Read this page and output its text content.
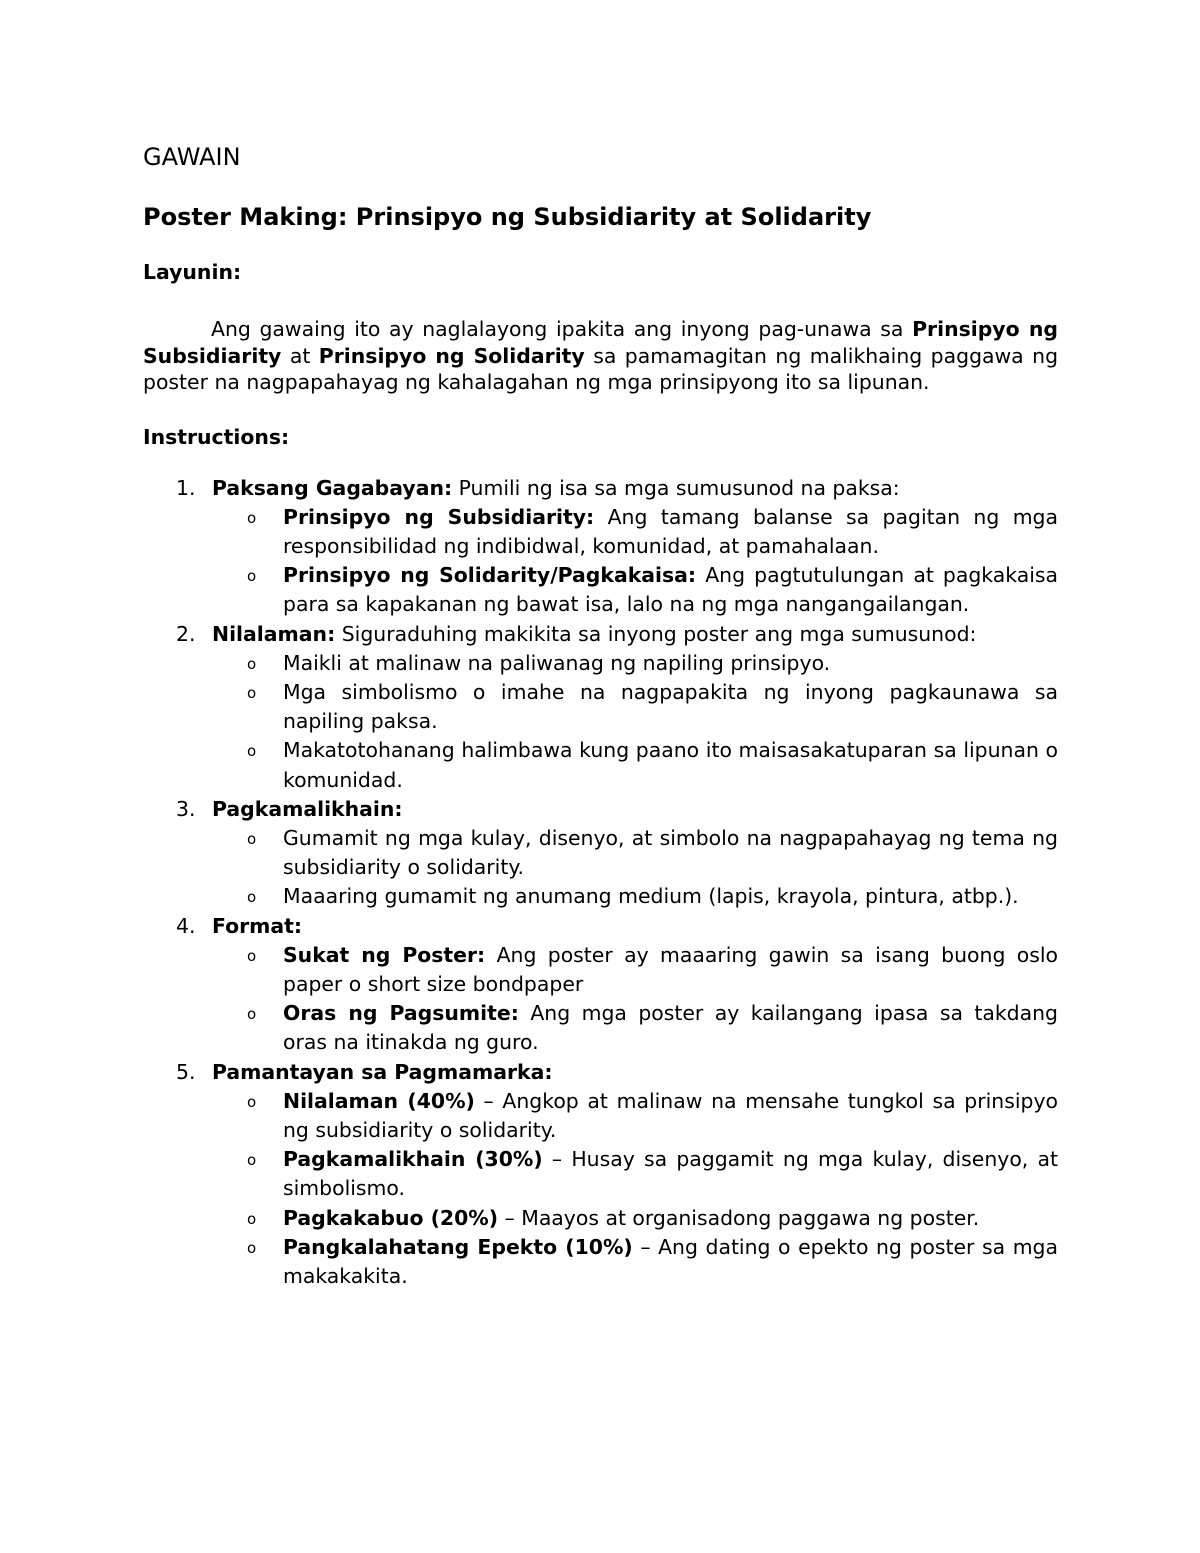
GAWAIN
Poster Making: Prinsipyo ng Subsidiarity at Solidarity
Layunin:

Ang gawaing ito ay naglalayong ipakita ang inyong pag-unawa sa Prinsipyo ng Subsidiarity at Prinsipyo ng Solidarity sa pamamagitan ng malikhaing paggawa ng poster na nagpapahayag ng kahalagahan ng mga prinsipyong ito sa lipunan.

Instructions:
1. Paksang Gagabayan: Pumili ng isa sa mga sumusunod na paksa:
o Prinsipyo ng Subsidiarity: Ang tamang balanse sa pagitan ng mga responsibilidad ng indibidwal, komunidad, at pamahalaan.
o Prinsipyo ng Solidarity/Pagkakaisa: Ang pagtutulungan at pagkakaisa para sa kapakanan ng bawat isa, lalo na ng mga nangangailangan.
2. Nilalaman: Siguraduhing makikita sa inyong poster ang mga sumusunod:
o Maikli at malinaw na paliwanag ng napiling prinsipyo.
o Mga simbolismo o imahe na nagpapakita ng inyong pagkaunawa sa napiling paksa.
o Makatotohanang halimbawa kung paano ito maisasakatuparan sa lipunan o komunidad.
3. Pagkamalikhain:
o Gumamit ng mga kulay, disenyo, at simbolo na nagpapahayag ng tema ng subsidiarity o solidarity.
o Maaaring gumamit ng anumang medium (lapis, krayola, pintura, atbp.).
4. Format:
o Sukat ng Poster: Ang poster ay maaaring gawin sa isang buong oslo paper o short size bondpaper
o Oras ng Pagsumite: Ang mga poster ay kailangang ipasa sa takdang oras na itinakda ng guro.
5. Pamantayan sa Pagmamarka:
o Nilalaman (40%) – Angkop at malinaw na mensahe tungkol sa prinsipyo ng subsidiarity o solidarity.
o Pagkamalikhain (30%) – Husay sa paggamit ng mga kulay, disenyo, at simbolismo.
o Pagkakabuo (20%) – Maayos at organisadong paggawa ng poster.
o Pangkalahatang Epekto (10%) – Ang dating o epekto ng poster sa mga makakakita.
